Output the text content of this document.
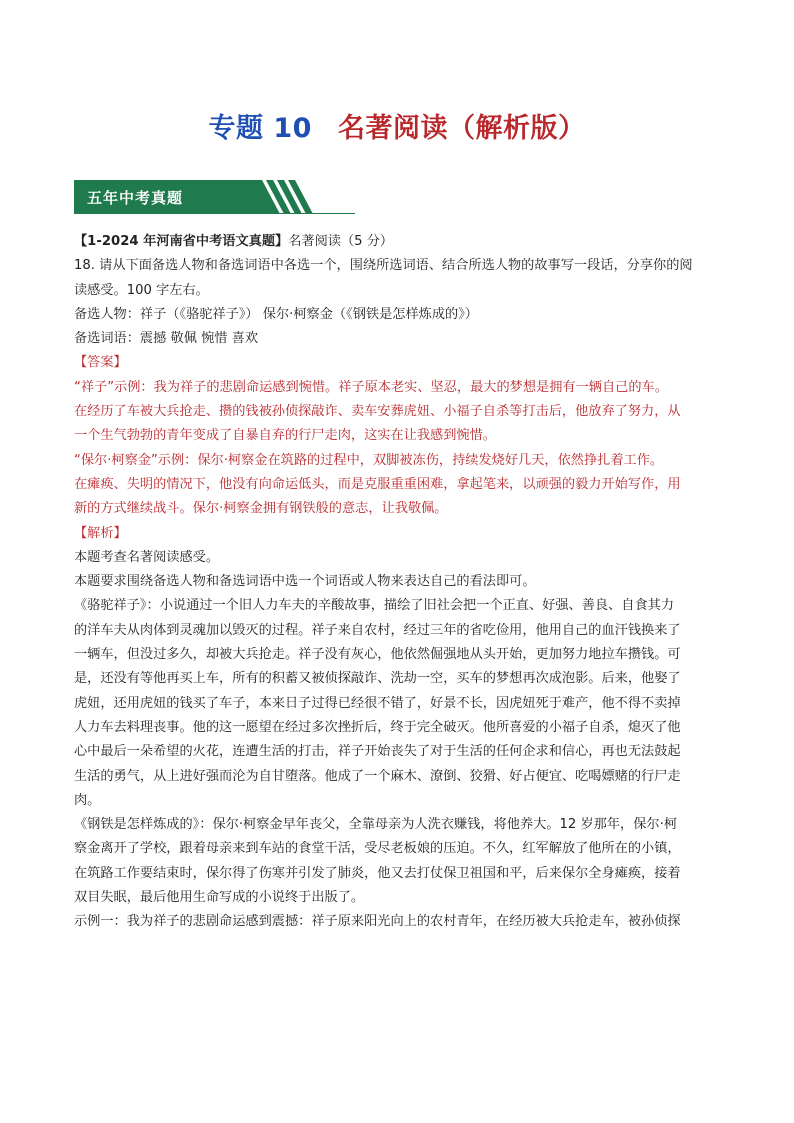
专题 10 名著阅读（解析版）
五年中考真题

【1-2024 年河南省中考语文真题】名著阅读（5 分）

18. 请从下面备选人物和备选词语中各选一个，围绕所选词语、结合所选人物的故事写一段话，分享你的阅

读感受。100 字左右。

备选人物：祥子（《骆驼祥子》） 保尔·柯察金（《钢铁是怎样炼成的》）

备选词语：震撼 敬佩 惋惜 喜欢

【答案】

“祥子”示例：我为祥子的悲剧命运感到惋惜。祥子原本老实、坚忍，最大的梦想是拥有一辆自己的车。

在经历了车被大兵抢走、攒的钱被孙侦探敲诈、卖车安葬虎妞、小福子自杀等打击后，他放弃了努力，从

一个生气勃勃的青年变成了自暴自弃的行尸走肉，这实在让我感到惋惜。

“保尔·柯察金”示例：保尔·柯察金在筑路的过程中，双脚被冻伤，持续发烧好几天，依然挣扎着工作。

在瘫痪、失明的情况下，他没有向命运低头，而是克服重重困难，拿起笔来，以顽强的毅力开始写作，用

新的方式继续战斗。保尔·柯察金拥有钢铁般的意志，让我敬佩。

【解析】

本题考查名著阅读感受。

本题要求围绕备选人物和备选词语中选一个词语或人物来表达自己的看法即可。

《骆驼祥子》：小说通过一个旧人力车夫的辛酸故事，描绘了旧社会把一个正直、好强、善良、自食其力

的洋车夫从肉体到灵魂加以毁灭的过程。祥子来自农村，经过三年的省吃俭用，他用自己的血汗钱换来了

一辆车，但没过多久，却被大兵抢走。祥子没有灰心，他依然倔强地从头开始，更加努力地拉车攒钱。可

是，还没有等他再买上车，所有的积蓄又被侦探敲诈、洗劫一空，买车的梦想再次成泡影。后来，他娶了

虎妞，还用虎妞的钱买了车子，本来日子过得已经很不错了，好景不长，因虎妞死于难产，他不得不卖掉

人力车去料理丧事。他的这一愿望在经过多次挫折后，终于完全破灭。他所喜爱的小福子自杀，熄灭了他

心中最后一朵希望的火花，连遭生活的打击，祥子开始丧失了对于生活的任何企求和信心，再也无法鼓起

生活的勇气，从上进好强而沦为自甘堕落。他成了一个麻木、潦倒、狡猾、好占便宜、吃喝嫖赌的行尸走

肉。

《钢铁是怎样炼成的》：保尔·柯察金早年丧父，全靠母亲为人洗衣赚钱，将他养大。12 岁那年，保尔·柯

察金离开了学校，跟着母亲来到车站的食堂干活，受尽老板娘的压迫。不久，红军解放了他所在的小镇，

在筑路工作要结束时，保尔得了伤寒并引发了肺炎，他又去打仗保卫祖国和平，后来保尔全身瘫痪，接着

双目失眠，最后他用生命写成的小说终于出版了。

示例一：我为祥子的悲剧命运感到震撼：祥子原来阳光向上的农村青年，在经历被大兵抢走车，被孙侦探
